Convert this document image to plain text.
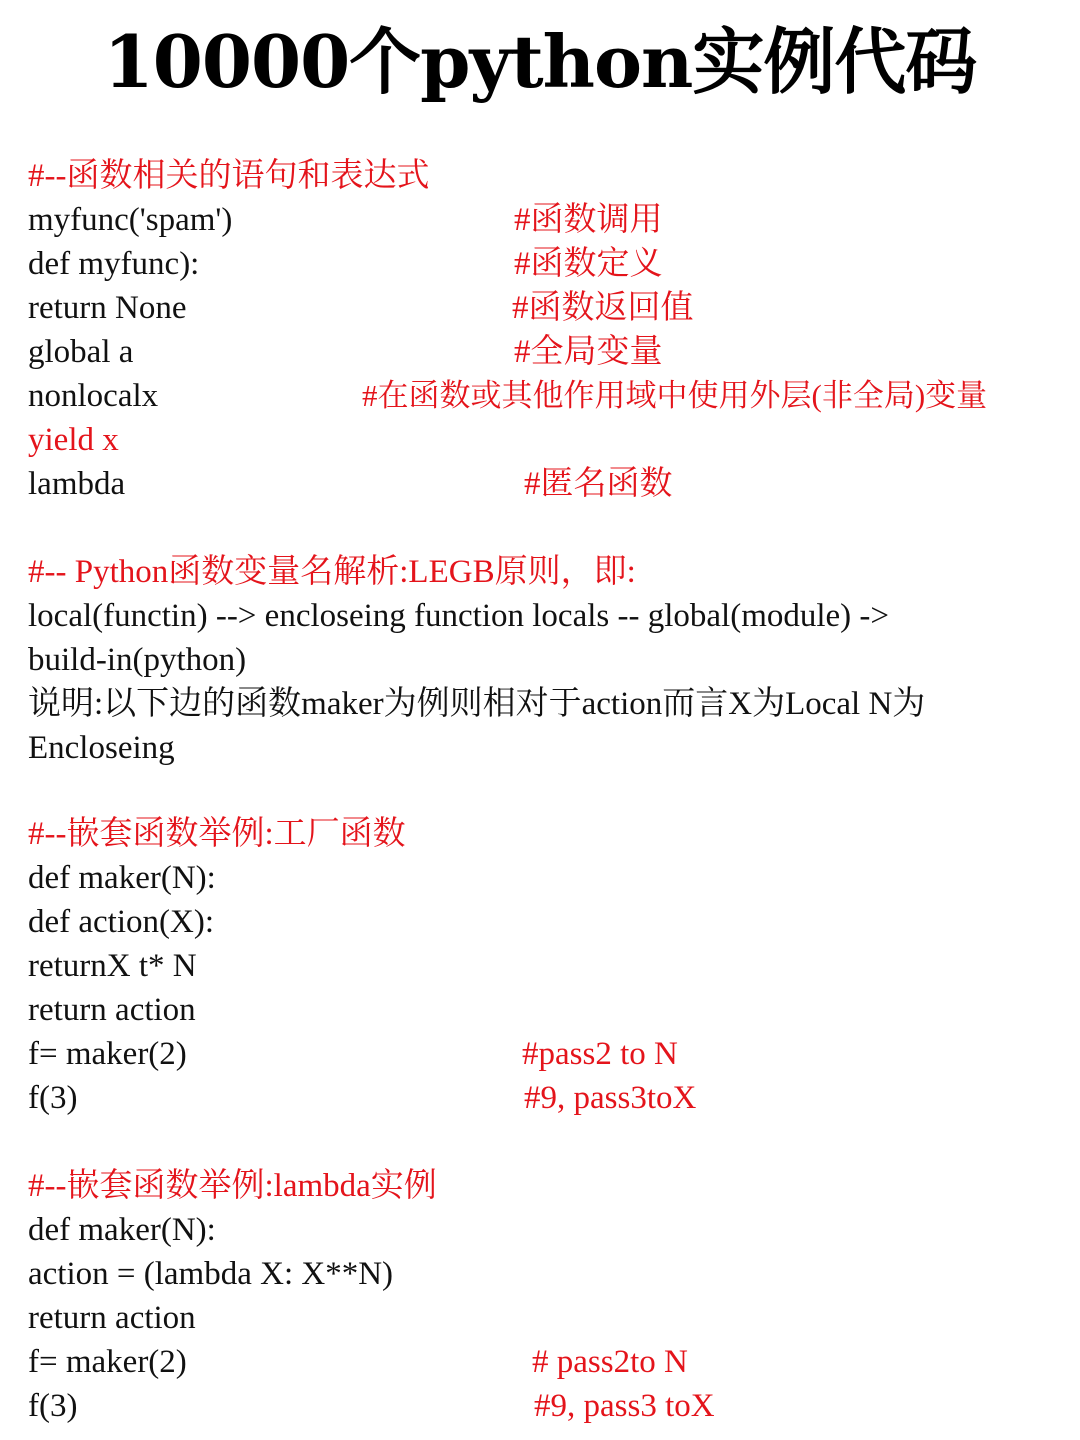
10000个python实例代码
#--函数相关的语句和表达式
myfunc('spam')	#函数调用
def myfunc):	#函数定义
return None	#函数返回值
global a	#全局变量
nonlocalx	#在函数或其他作用域中使用外层(非全局)变量
yield x
lambda	#匿名函数
#-- Python函数变量名解析:LEGB原则，即:
local(functin) --> encloseing function locals -- global(module) ->
build-in(python)
说明:以下边的函数maker为例则相对于action而言X为Local N为
Encloseing
#--嵌套函数举例:工厂函数
def maker(N):
def action(X):
returnX t* N
return action
f= maker(2)	#pass2 to N
f(3)	#9, pass3toX
#--嵌套函数举例:lambda实例
def maker(N):
action = (lambda X: X**N)
return action
f= maker(2)	# pass2to N
f(3)	#9, pass3 toX
